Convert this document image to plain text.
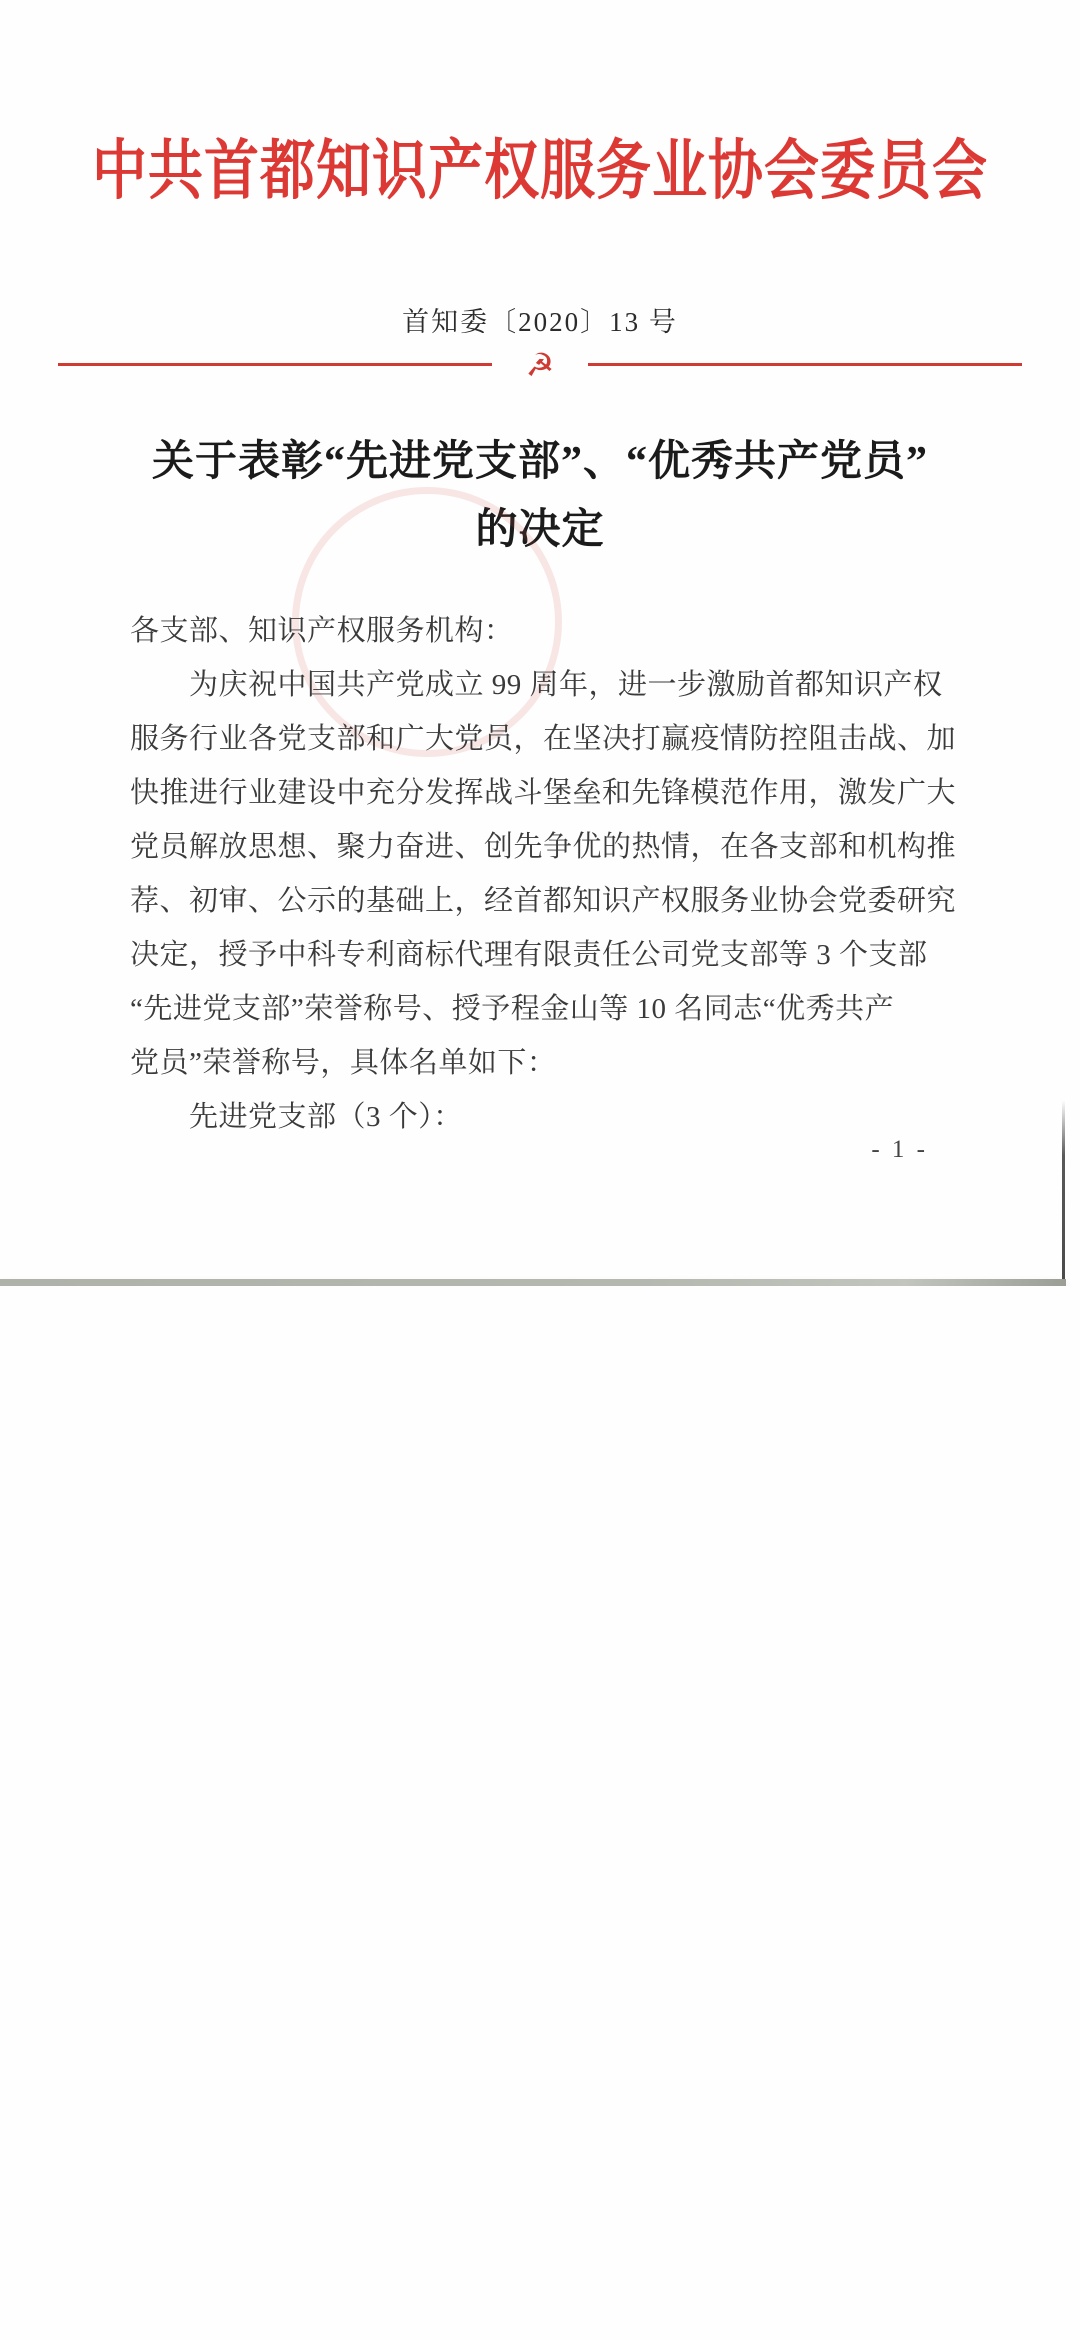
中共首都知识产权服务业协会委员会
首知委〔2020〕13 号
☭
关于表彰“先进党支部”、“优秀共产党员”
的决定
各支部、知识产权服务机构：
　　为庆祝中国共产党成立 99 周年，进一步激励首都知识产权
服务行业各党支部和广大党员，在坚决打赢疫情防控阻击战、加
快推进行业建设中充分发挥战斗堡垒和先锋模范作用，激发广大
党员解放思想、聚力奋进、创先争优的热情，在各支部和机构推
荐、初审、公示的基础上，经首都知识产权服务业协会党委研究
决定，授予中科专利商标代理有限责任公司党支部等 3 个支部
“先进党支部”荣誉称号、授予程金山等 10 名同志“优秀共产
党员”荣誉称号，具体名单如下：
　　先进党支部（3 个）：
- 1 -
